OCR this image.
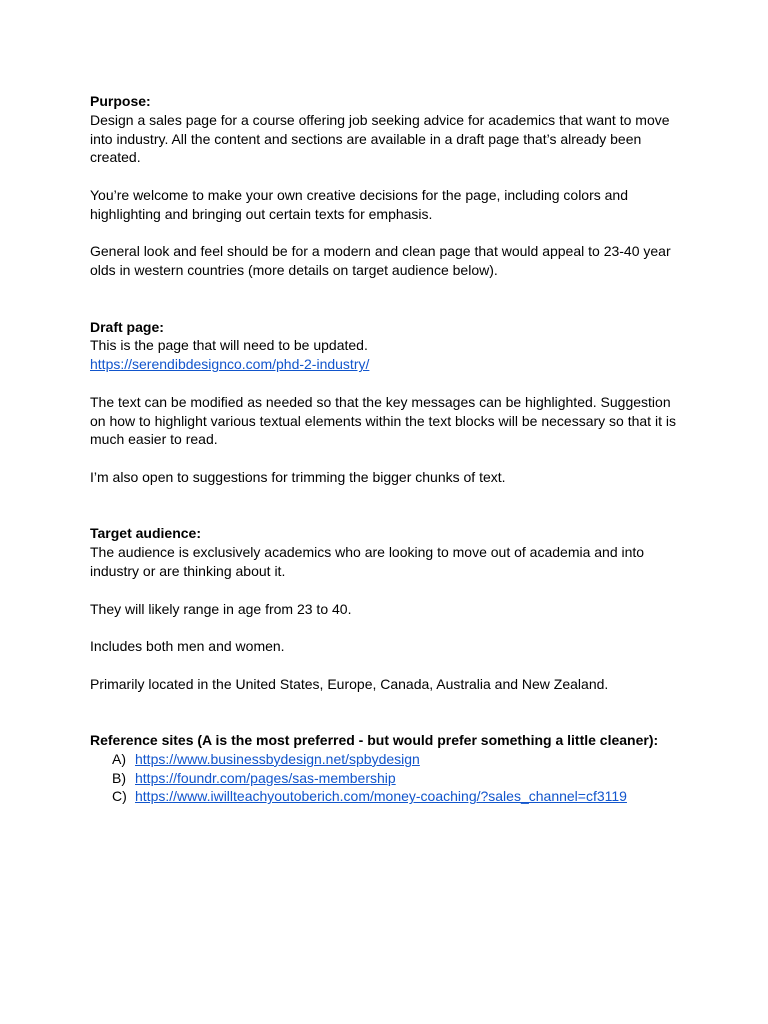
Purpose:

Design a sales page for a course offering job seeking advice for academics that want to move into industry. All the content and sections are available in a draft page that’s already been created.

You’re welcome to make your own creative decisions for the page, including colors and highlighting and bringing out certain texts for emphasis.

General look and feel should be for a modern and clean page that would appeal to 23-40 year olds in western countries (more details on target audience below).

Draft page:

This is the page that will need to be updated.

https://serendibdesignco.com/phd-2-industry/

The text can be modified as needed so that the key messages can be highlighted. Suggestion on how to highlight various textual elements within the text blocks will be necessary so that it is much easier to read.

I’m also open to suggestions for trimming the bigger chunks of text.

Target audience:

The audience is exclusively academics who are looking to move out of academia and into industry or are thinking about it.

They will likely range in age from 23 to 40.

Includes both men and women.

Primarily located in the United States, Europe, Canada, Australia and New Zealand.

Reference sites (A is the most preferred - but would prefer something a little cleaner):
A) https://www.businessbydesign.net/spbydesign
B) https://foundr.com/pages/sas-membership
C) https://www.iwillteachyoutoberich.com/money-coaching/?sales_channel=cf3119
